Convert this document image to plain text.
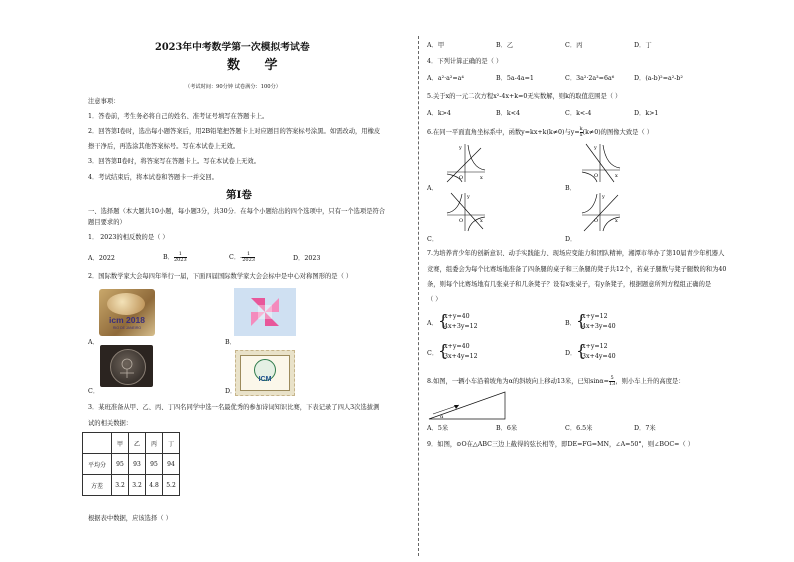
2023年中考数学第一次模拟考试卷
数 学
（考试时间：90分钟 试卷满分：100分）
注意事项：
1．答卷前，考生务必将自己的姓名、准考证号填写在答题卡上。
2．回答第Ⅰ卷时，选出每小题答案后，用2B铅笔把答题卡上对应题目的答案标号涂黑。如需改动，用橡皮
擦干净后，再选涂其他答案标号。写在本试卷上无效。
3．回答第Ⅱ卷时，将答案写在答题卡上。写在本试卷上无效。
4．考试结束后，将本试卷和答题卡一并交回。
第Ⅰ卷
一、选择题（本大题共10小题，每小题3分，共30分．在每个小题给出的四个选项中，只有一个选项是符合
题目要求的）
1． 2023的相反数的是（ ）
A．2022	B． $\frac{1}{2023}$	C．- $\frac{1}{2023}$	D．2023
2．国际数学家大会每四年举行一届，下面四届国际数学家大会会标中是中心对称图形的是（ ）
icm 2018
RIO DE JANEIRO
A．	B．
C．
ICM
D．
3．某班准备从甲、乙、丙、丁四名同学中选一名最优秀的参加诗词知识比赛，下表记录了四人3次选拔测
试的相关数据：
	甲	乙	丙	丁
平均分	95	93	95	94
方差	3.2	3.2	4.8	5.2
根据表中数据，应该选择（ ）
A．甲	B．乙	C．丙	D．丁
4．下列计算正确的是（ ）
A．a²·a²=a⁴	B．5a-4a=1	C．3a²·2a³=6a⁶	D．(a-b)²=a²-b²
5.关于x的一元二次方程x²-4x+k=0无实数解，则k的取值范围是（ ）
A．k>4	B．k<4	C．k<-4	D．k>1
6.在同一平面直角坐标系中，函数y=kx+k(k≠0)与$y= \frac{k}{x} (k\ne 0)$的图像大致是（ ）
x
y
O
A．
x
y
O
B．
x
y
O
C．
x
y
O
D．
7.为培养青少年的创新意识、动手实践能力、现场应变能力和团队精神，湘潭市举办了第10届青少年机器人
竞赛，组委会为每个比赛场地准备了四条腿的桌子和三条腿的凳子共12个，若桌子腿数与凳子腿数的和为40
条，则每个比赛场地有几张桌子和几条凳子？设有x张桌子，有y条凳子，根据题意所列方程组正确的是
（ ）
A． {
x+y=40
4x+3y=12	B． {
x+y=12
4x+3y=40
C． {
x+y=40
3x+4y=12	D． {
x+y=12
3x+4y=40
8.如图，一辆小车沿着坡角为α的斜坡向上移动13米，已知$\sin\alpha= \frac{5}{13}$ ，则小车上升的高度是：
α
A．5米	B．6米	C．6.5米	D．7米
9．如图，⊙O在△ABC三边上截得的弦长相等，即DE=FG=MN，∠A=50°，则∠BOC=（ ）
